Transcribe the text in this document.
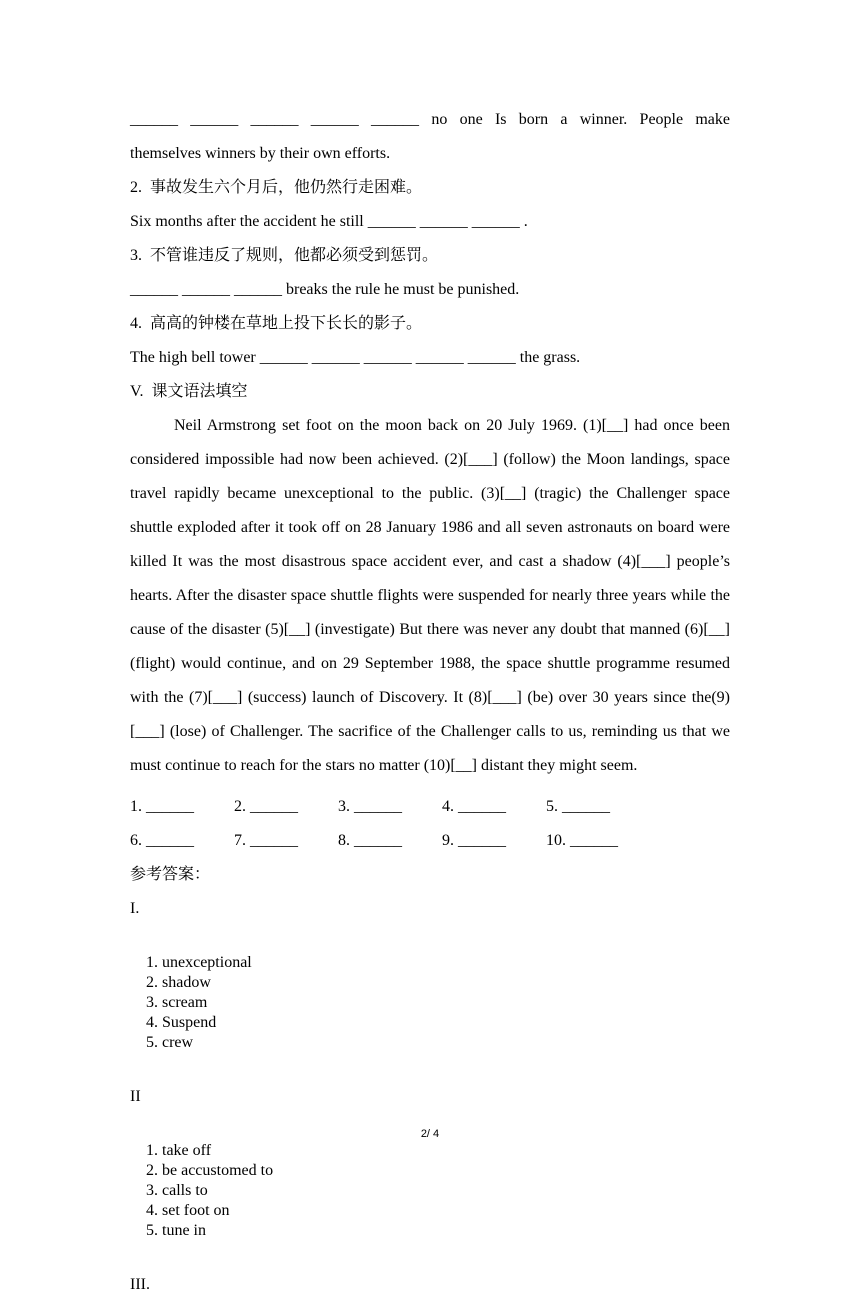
______  ______  ______  ______  ______  no  one  Is  born  a  winner.  People  make

themselves winners by their own efforts.

2.  事故发生六个月后，他仍然行走困难。

Six months after the accident he still ______ ______ ______ .

3.  不管谁违反了规则，他都必须受到惩罚。

______ ______ ______ breaks the rule he must be punished.

4.  高高的钟楼在草地上投下长长的影子。

The high bell tower ______ ______ ______ ______ ______ the grass.

V.  课文语法填空

Neil Armstrong set foot on the moon back on 20 July 1969. (1)[__] had once been considered impossible had now been achieved. (2)[___] (follow) the Moon landings, space travel rapidly became unexceptional to the public. (3)[__] (tragic) the Challenger space shuttle exploded after it took off on 28 January 1986 and all seven astronauts on board were killed It was the most disastrous space accident ever, and cast a shadow (4)[___] people’s hearts. After the disaster space shuttle flights were suspended for nearly three years while the cause of the disaster (5)[__] (investigate) But there was never any doubt that manned (6)[__] (flight) would continue, and on 29 September 1988, the space shuttle programme resumed with the (7)[___] (success) launch of Discovery. It (8)[___] (be) over 30 years since the(9)[___] (lose) of Challenger. The sacrifice of the Challenger calls to us, reminding us that we must continue to reach for the stars no matter (10)[__] distant they might seem.

1. ______	2. ______	3. ______	4. ______	5. ______
6. ______	7. ______	8. ______	9. ______	10. ______

参考答案：

I.

1. unexceptional
2. shadow
3. scream
4. Suspend
5. crew

II

1. take off
2. be accustomed to
3. calls to
4. set foot on
5. tune in

III.

2/ 4
